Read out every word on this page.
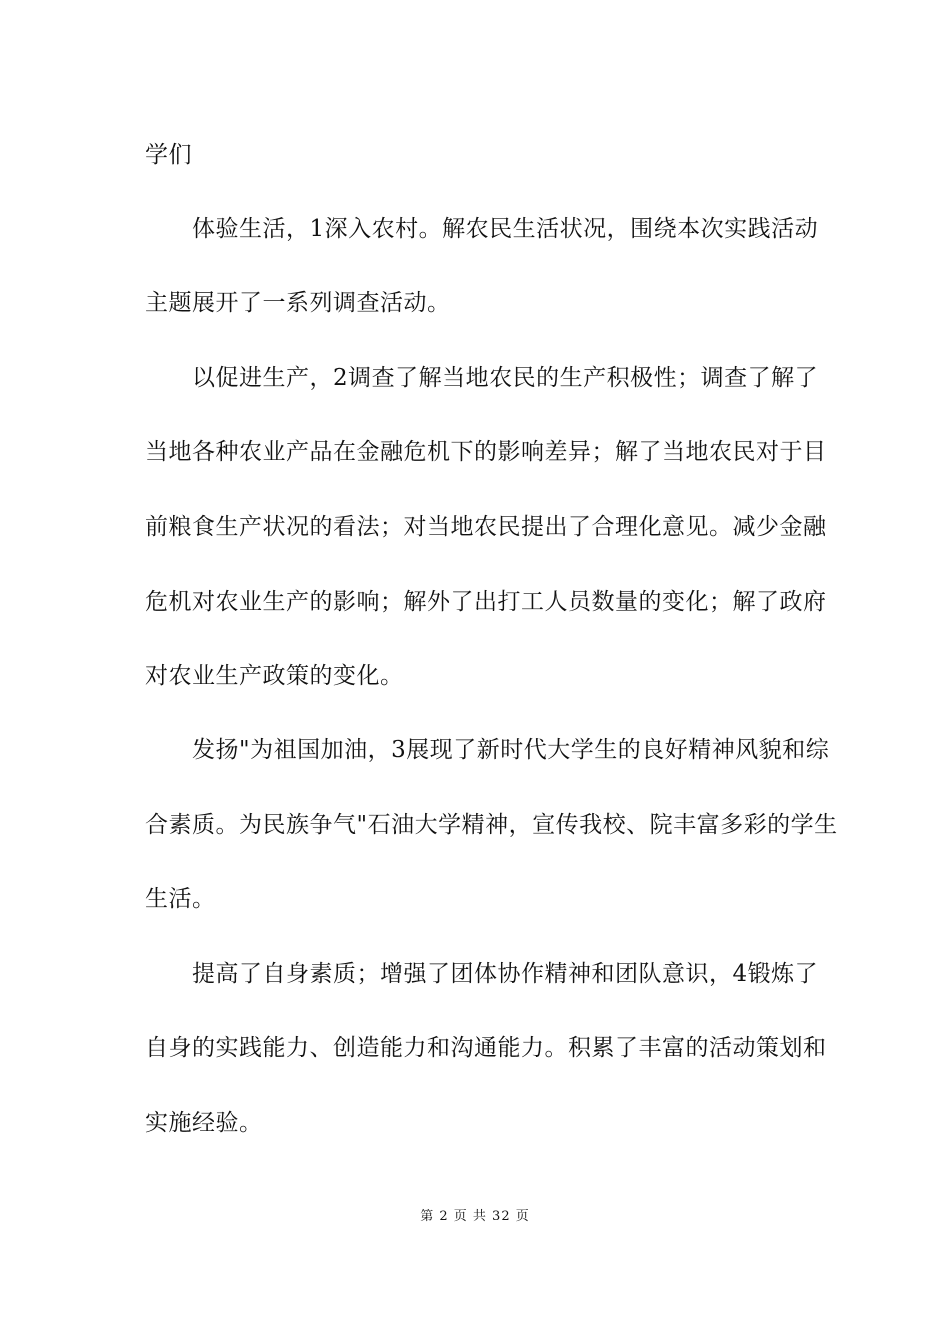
学们
体验生活，1深入农村。解农民生活状况，围绕本次实践活动
主题展开了一系列调查活动。
以促进生产，2调查了解当地农民的生产积极性；调查了解了
当地各种农业产品在金融危机下的影响差异；解了当地农民对于目
前粮食生产状况的看法；对当地农民提出了合理化意见。减少金融
危机对农业生产的影响；解外了出打工人员数量的变化；解了政府
对农业生产政策的变化。
发扬"为祖国加油，3展现了新时代大学生的良好精神风貌和综
合素质。为民族争气"石油大学精神，宣传我校、院丰富多彩的学生
生活。
提高了自身素质；增强了团体协作精神和团队意识，4锻炼了
自身的实践能力、创造能力和沟通能力。积累了丰富的活动策划和
实施经验。
第 2 页 共 32 页
